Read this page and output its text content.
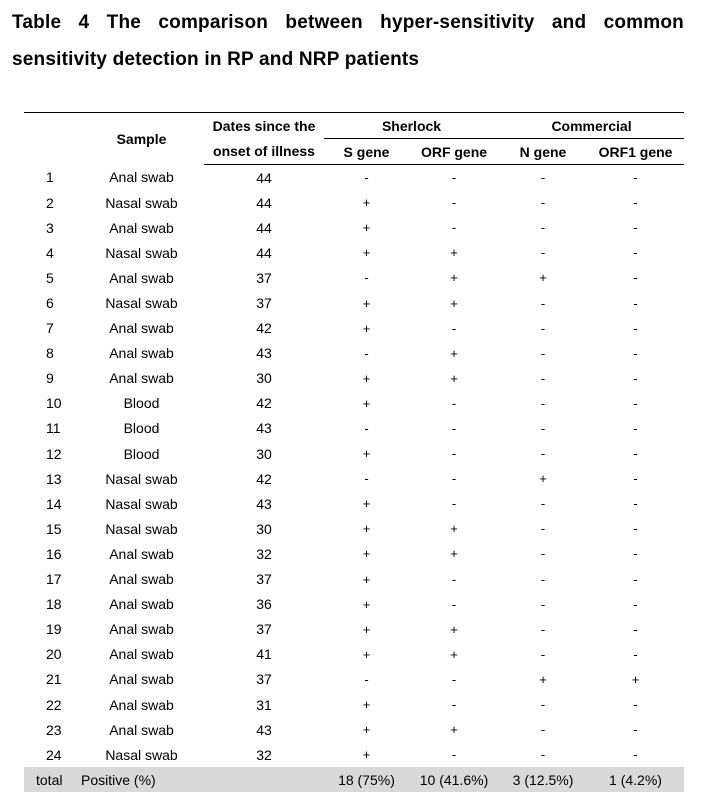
Table 4 The comparison between hyper-sensitivity and common
sensitivity detection in RP and NRP patients
	Sample	Dates since the	Sherlock		Commercial	
		onset of illness	S gene	ORF gene	N gene	ORF1 gene
1	Anal swab	44	-	-	-	-
2	Nasal swab	44	+	-	-	-
3	Anal swab	44	+	-	-	-
4	Nasal swab	44	+	+	-	-
5	Anal swab	37	-	+	+	-
6	Nasal swab	37	+	+	-	-
7	Anal swab	42	+	-	-	-
8	Anal swab	43	-	+	-	-
9	Anal swab	30	+	+	-	-
10	Blood	42	+	-	-	-
11	Blood	43	-	-	-	-
12	Blood	30	+	-	-	-
13	Nasal swab	42	-	-	+	-
14	Nasal swab	43	+	-	-	-
15	Nasal swab	30	+	+	-	-
16	Anal swab	32	+	+	-	-
17	Anal swab	37	+	-	-	-
18	Anal swab	36	+	-	-	-
19	Anal swab	37	+	+	-	-
20	Anal swab	41	+	+	-	-
21	Anal swab	37	-	-	+	+
22	Anal swab	31	+	-	-	-
23	Anal swab	43	+	+	-	-
24	Nasal swab	32	+	-	-	-
total	Positive (%)		18 (75%)	10 (41.6%)	3 (12.5%)	1 (4.2%)
